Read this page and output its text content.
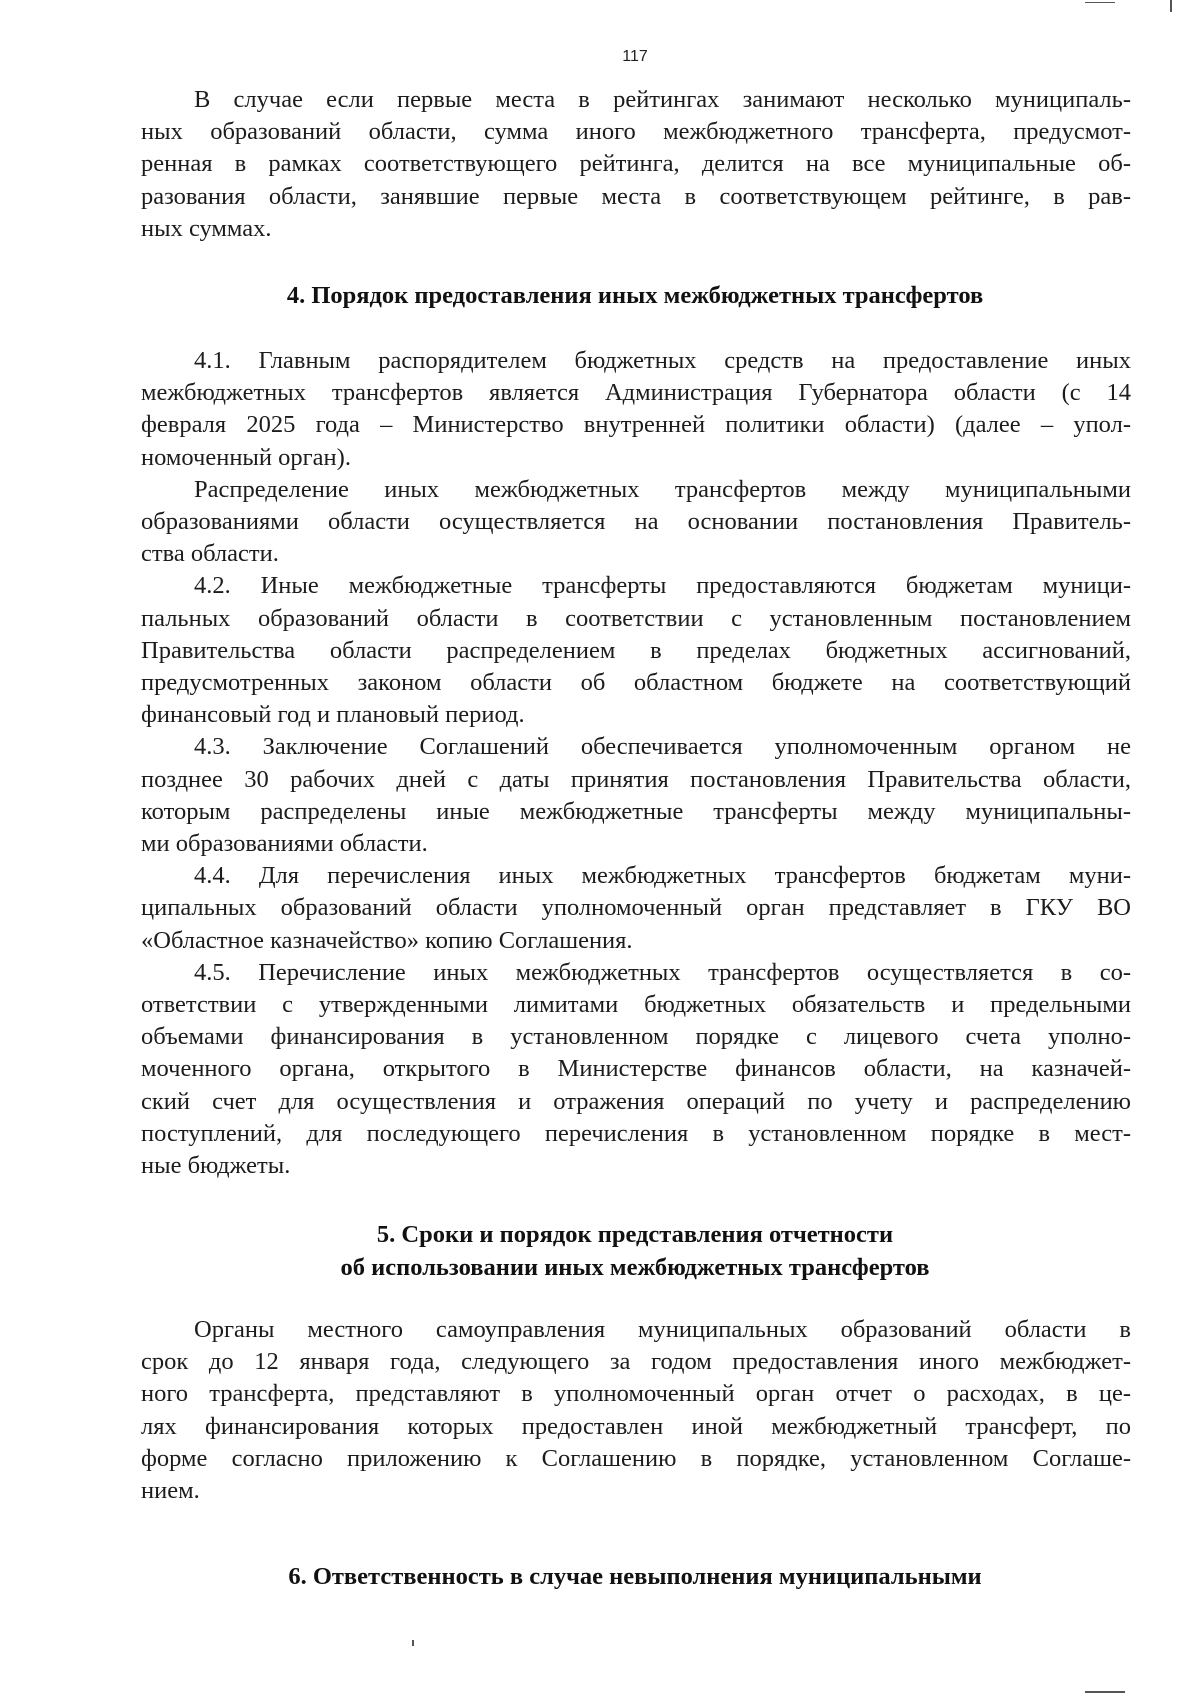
117
В случае если первые места в рейтингах занимают несколько муниципаль-
ных образований области, сумма иного межбюджетного трансферта, предусмот-
ренная в рамках соответствующего рейтинга, делится на все муниципальные об-
разования области, занявшие первые места в соответствующем рейтинге, в рав-
ных суммах.
4. Порядок предоставления иных межбюджетных трансфертов
4.1. Главным распорядителем бюджетных средств на предоставление иных
межбюджетных трансфертов является Администрация Губернатора области (с 14
февраля 2025 года – Министерство внутренней политики области) (далее – упол-
номоченный орган).
Распределение иных межбюджетных трансфертов между муниципальными
образованиями области осуществляется на основании постановления Правитель-
ства области.
4.2. Иные межбюджетные трансферты предоставляются бюджетам муници-
пальных образований области в соответствии с установленным постановлением
Правительства области распределением в пределах бюджетных ассигнований,
предусмотренных законом области об областном бюджете на соответствующий
финансовый год и плановый период.
4.3. Заключение Соглашений обеспечивается уполномоченным органом не
позднее 30 рабочих дней с даты принятия постановления Правительства области,
которым распределены иные межбюджетные трансферты между муниципальны-
ми образованиями области.
4.4. Для перечисления иных межбюджетных трансфертов бюджетам муни-
ципальных образований области уполномоченный орган представляет в ГКУ ВО
«Областное казначейство» копию Соглашения.
4.5. Перечисление иных межбюджетных трансфертов осуществляется в со-
ответствии с утвержденными лимитами бюджетных обязательств и предельными
объемами финансирования в установленном порядке с лицевого счета уполно-
моченного органа, открытого в Министерстве финансов области, на казначей-
ский счет для осуществления и отражения операций по учету и распределению
поступлений, для последующего перечисления в установленном порядке в мест-
ные бюджеты.
5. Сроки и порядок представления отчетности
об использовании иных межбюджетных трансфертов
Органы местного самоуправления муниципальных образований области в
срок до 12 января года, следующего за годом предоставления иного межбюджет-
ного трансферта, представляют в уполномоченный орган отчет о расходах, в це-
лях финансирования которых предоставлен иной межбюджетный трансферт, по
форме согласно приложению к Соглашению в порядке, установленном Соглаше-
нием.
6. Ответственность в случае невыполнения муниципальными
